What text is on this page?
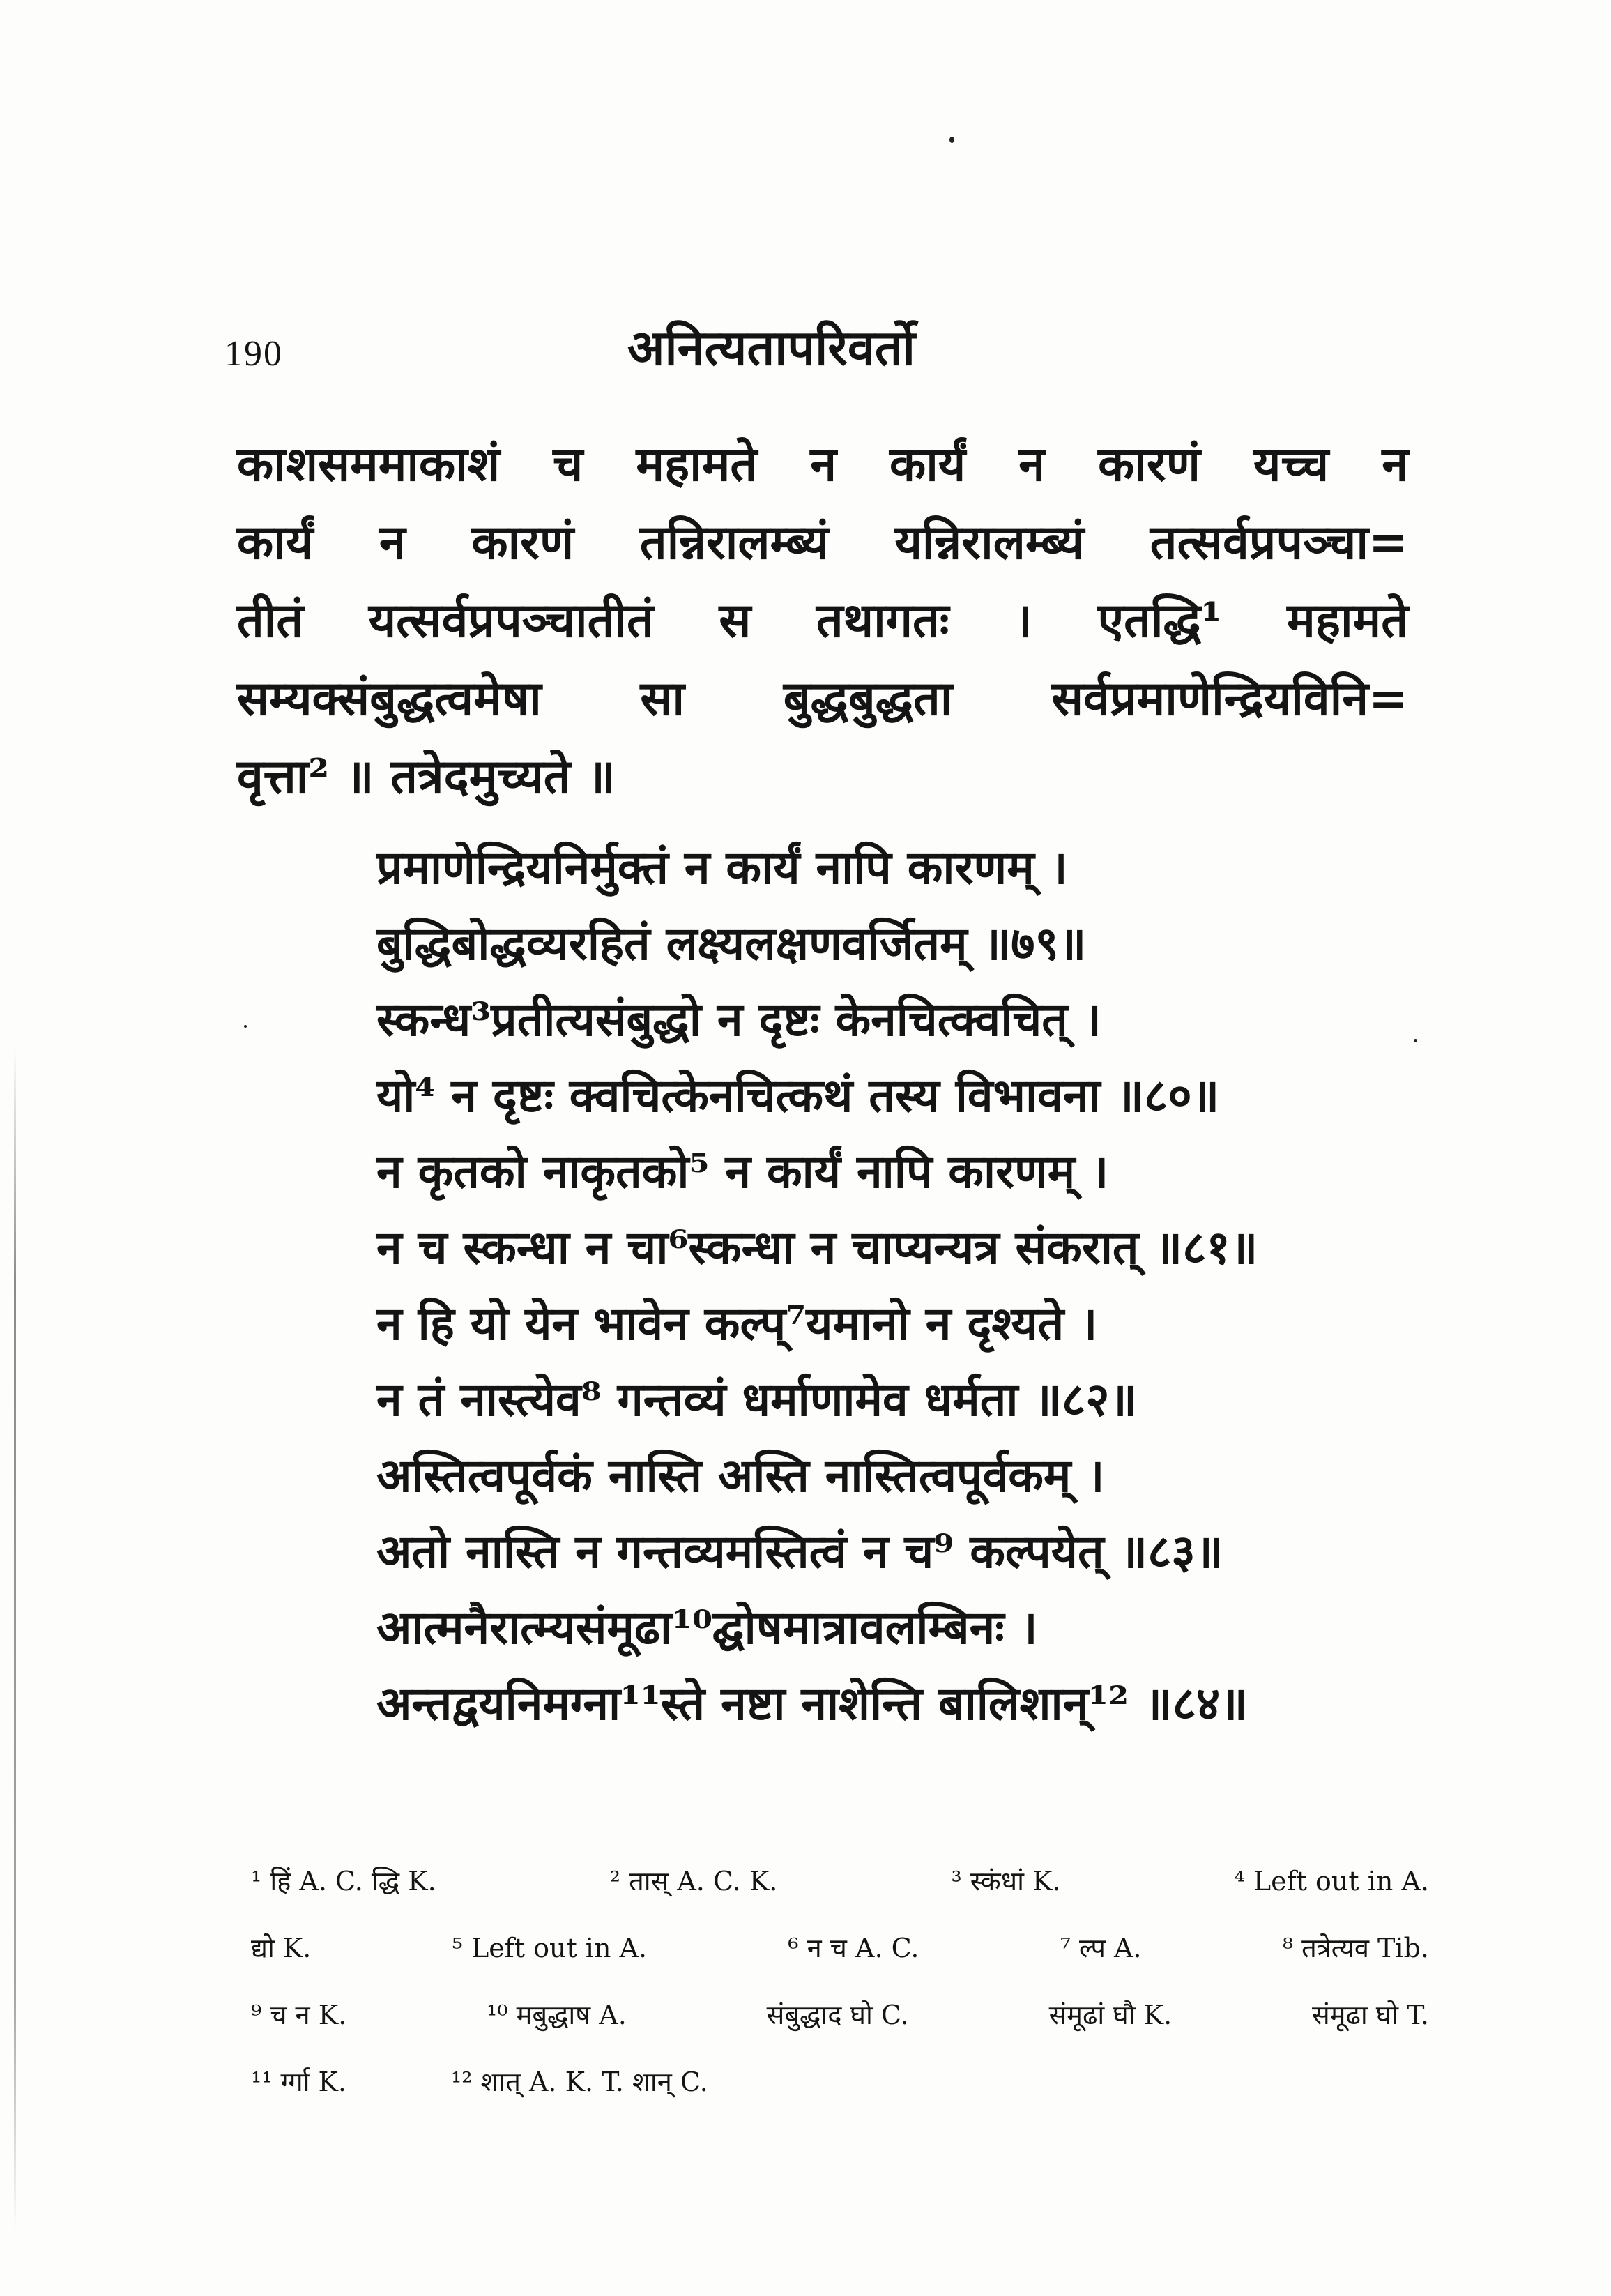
190	अनित्यतापरिवर्तो
काशसममाकाशं च महामते न कार्यं न कारणं यच्च न
कार्यं न कारणं तन्निरालम्ब्यं यन्निरालम्ब्यं तत्सर्वप्रपञ्चा=
तीतं यत्सर्वप्रपञ्चातीतं स तथागतः । एतद्धि¹ महामते
सम्यक्संबुद्धत्वमेषा सा बुद्धबुद्धता सर्वप्रमाणेन्द्रियविनि=
वृत्ता² ॥ तत्रेदमुच्यते ॥
प्रमाणेन्द्रियनिर्मुक्तं न कार्यं नापि कारणम् ।
बुद्धिबोद्धव्यरहितं लक्ष्यलक्षणवर्जितम् ॥७९॥
स्कन्ध³प्रतीत्यसंबुद्धो न दृष्टः केनचित्क्वचित् ।
यो⁴ न दृष्टः क्वचित्केनचित्कथं तस्य विभावना ॥८०॥
न कृतको नाकृतको⁵ न कार्यं नापि कारणम् ।
न च स्कन्धा न चा⁶स्कन्धा न चाप्यन्यत्र संकरात् ॥८१॥
न हि यो येन भावेन कल्प्⁷यमानो न दृश्यते ।
न तं नास्त्येव⁸ गन्तव्यं धर्माणामेव धर्मता ॥८२॥
अस्तित्वपूर्वकं नास्ति अस्ति नास्तित्वपूर्वकम् ।
अतो नास्ति न गन्तव्यमस्तित्वं न च⁹ कल्पयेत् ॥८३॥
आत्मनैरात्म्यसंमूढा¹⁰द्घोषमात्रावलम्बिनः ।
अन्तद्वयनिमग्ना¹¹स्ते नष्टा नाशेन्ति बालिशान्¹² ॥८४॥
¹ हिं A. C. द्धि K.	² तास् A. C. K.	³ स्कंधां K.	⁴ Left out in A.
द्यो K.	⁵ Left out in A.	⁶ न च A. C.	⁷ ल्प A.	⁸ तत्रेत्यव Tib.
⁹ च न K.	¹⁰ मबुद्धाष A.	संबुद्धाद घो C.	संमूढां घौ K.	संमूढा घो T.
¹¹ र्ग्गा K.	¹² शात् A. K. T. शान् C.
